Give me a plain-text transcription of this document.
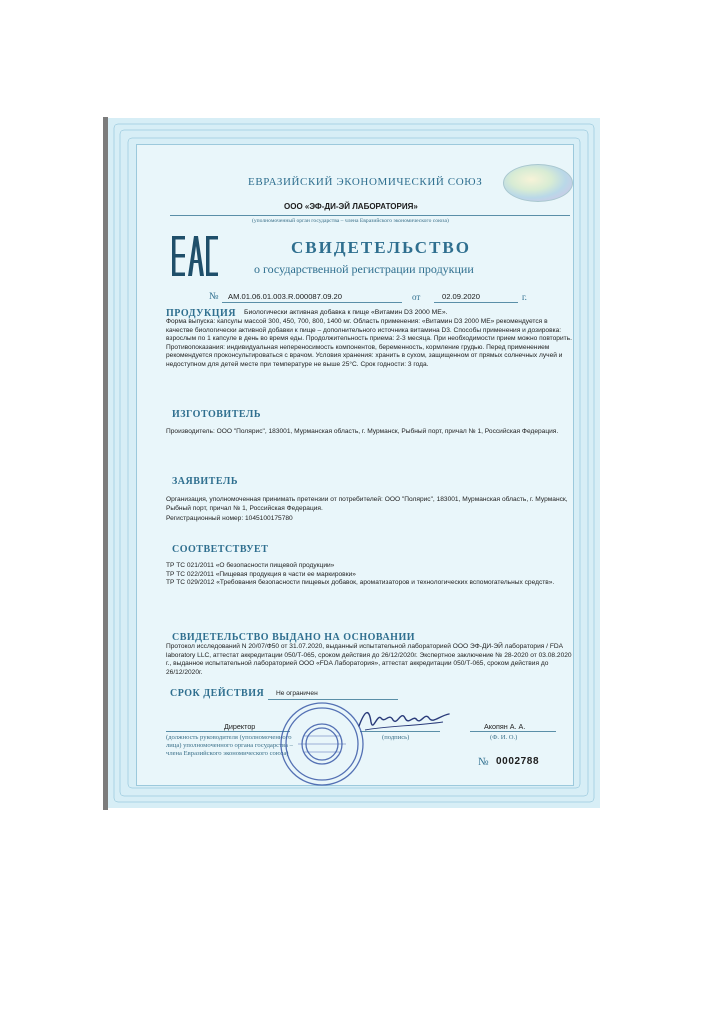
ЕВРАЗИЙСКИЙ ЭКОНОМИЧЕСКИЙ СОЮЗ
ООО «ЭФ-ДИ-ЭЙ ЛАБОРАТОРИЯ»
(уполномоченный орган государства – члена Евразийского экономического союза)
СВИДЕТЕЛЬСТВО
о государственной регистрации продукции
№ АМ.01.06.01.003.R.000087.09.20	от	02.09.2020	г.
ПРОДУКЦИЯ Биологически активная добавка к пище «Витамин D3 2000 МЕ».
Форма выпуска: капсулы массой 300, 450, 700, 800, 1400 мг. Область применения: «Витамин D3 2000 МЕ» рекомендуется в качестве биологически активной добавки к пище – дополнительного источника витамина D3. Способы применения и дозировка: взрослым по 1 капсуле в день во время еды. Продолжительность приема: 2-3 месяца. При необходимости прием можно повторить. Противопоказания: индивидуальная непереносимость компонентов, беременность, кормление грудью. Перед применением рекомендуется проконсультироваться с врачом. Условия хранения: хранить в сухом, защищенном от прямых солнечных лучей и недоступном для детей месте при температуре не выше 25°С. Срок годности: 3 года.
ИЗГОТОВИТЕЛЬ
Производитель: ООО "Полярис", 183001, Мурманская область, г. Мурманск, Рыбный порт, причал № 1, Российская Федерация.
ЗАЯВИТЕЛЬ
Организация, уполномоченная принимать претензии от потребителей: ООО "Полярис", 183001, Мурманская область, г. Мурманск, Рыбный порт, причал № 1, Российская Федерация.
Регистрационный номер: 1045100175780
СООТВЕТСТВУЕТ
ТР ТС 021/2011 «О безопасности пищевой продукции»
ТР ТС 022/2011 «Пищевая продукция в части ее маркировки»
ТР ТС 029/2012 «Требования безопасности пищевых добавок, ароматизаторов и технологических вспомогательных средств».
СВИДЕТЕЛЬСТВО ВЫДАНО НА ОСНОВАНИИ
Протокол исследований N 20/07/Ф50 от 31.07.2020, выданный испытательной лабораторией ООО ЭФ-ДИ-ЭЙ лаборатория / FDA laboratory LLC, аттестат аккредитации 050/Т-065, сроком действия до 26/12/2020г. Экспертное заключение № 28-2020 от 03.08.2020 г., выданное испытательной лабораторией ООО «FDA Лаборатория», аттестат аккредитации 050/Т-065, сроком действия до 26/12/2020г.
СРОК ДЕЙСТВИЯ Не ограничен
Директор	Акопян А. А.
(должность руководителя (уполномоченного лица) уполномоченного органа государства – члена Евразийского экономического союза)
(подпись)	(Ф. И. О.)
№ 0002788
